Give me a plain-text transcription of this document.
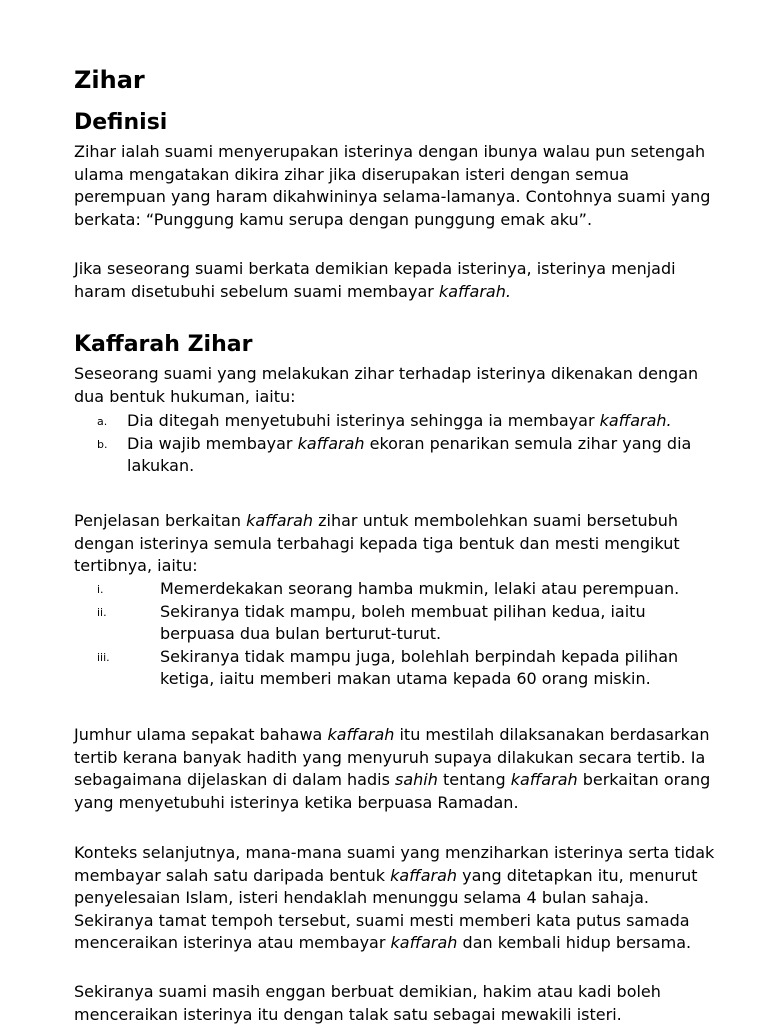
Zihar
Definisi

Zihar ialah suami menyerupakan isterinya dengan ibunya walau pun setengah ulama mengatakan dikira zihar jika diserupakan isteri dengan semua perempuan yang haram dikahwininya selama-lamanya. Contohnya suami yang berkata: “Punggung kamu serupa dengan punggung emak aku”.

Jika seseorang suami berkata demikian kepada isterinya, isterinya menjadi haram disetubuhi sebelum suami membayar kaffarah.

Kaffarah Zihar

Seseorang suami yang melakukan zihar terhadap isterinya dikenakan dengan dua bentuk hukuman, iaitu:

a. Dia ditegah menyetubuhi isterinya sehingga ia membayar kaffarah.
b. Dia wajib membayar kaffarah ekoran penarikan semula zihar yang dia lakukan.

Penjelasan berkaitan kaffarah zihar untuk membolehkan suami bersetubuh dengan isterinya semula terbahagi kepada tiga bentuk dan mesti mengikut tertibnya, iaitu:

i.	Memerdekakan seorang hamba mukmin, lelaki atau perempuan.
ii.	Sekiranya tidak mampu, boleh membuat pilihan kedua, iaitu berpuasa dua bulan berturut-turut.
iii.	Sekiranya tidak mampu juga, bolehlah berpindah kepada pilihan ketiga, iaitu memberi makan utama kepada 60 orang miskin.

Jumhur ulama sepakat bahawa kaffarah itu mestilah dilaksanakan berdasarkan tertib kerana banyak hadith yang menyuruh supaya dilakukan secara tertib. Ia sebagaimana dijelaskan di dalam hadis sahih tentang kaffarah berkaitan orang yang menyetubuhi isterinya ketika berpuasa Ramadan.

Konteks selanjutnya, mana-mana suami yang menziharkan isterinya serta tidak membayar salah satu daripada bentuk kaffarah yang ditetapkan itu, menurut penyelesaian Islam, isteri hendaklah menunggu selama 4 bulan sahaja. Sekiranya tamat tempoh tersebut, suami mesti memberi kata putus samada menceraikan isterinya atau membayar kaffarah dan kembali hidup bersama.

Sekiranya suami masih enggan berbuat demikian, hakim atau kadi boleh menceraikan isterinya itu dengan talak satu sebagai mewakili isteri.
